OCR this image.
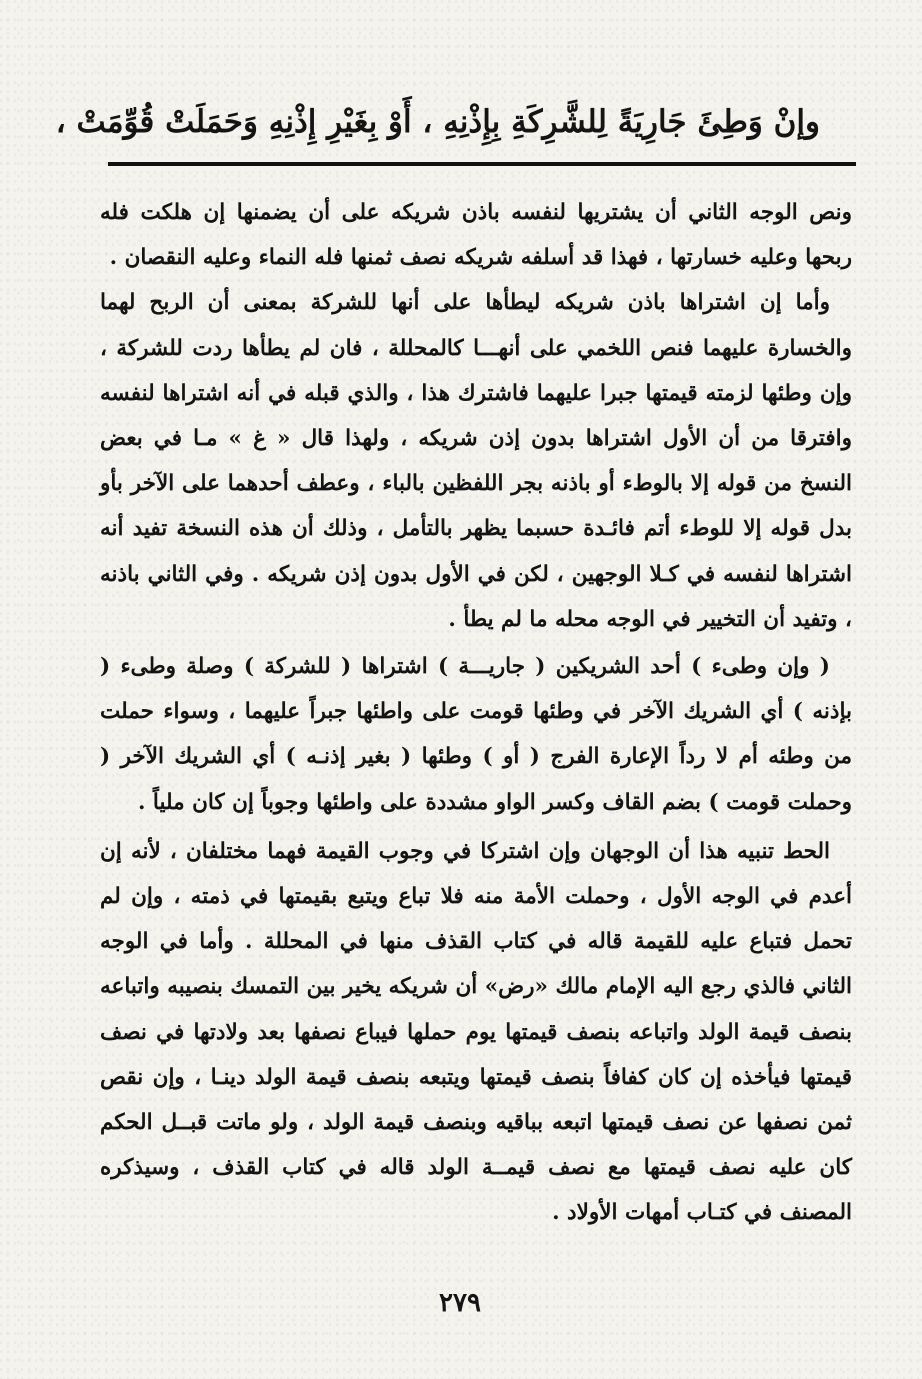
وإنْ وَطِئَ جَارِيَةً لِلشَّرِكَةِ بِإِذْنِهِ ، أَوْ بِغَيْرِ إِذْنِهِ وَحَمَلَتْ قُوِّمَتْ ،

ونص الوجه الثاني أن يشتريها لنفسه باذن شريكه على أن يضمنها إن هلكت فله ربحها وعليه خسارتها ، فهذا قد أسلفه شريكه نصف ثمنها فله النماء وعليه النقصان .

وأما إن اشتراها باذن شريكه ليطأها على أنها للشركة بمعنى أن الربح لهما والخسارة عليهما فنص اللخمي على أنهـــا كالمحللة ، فان لم يطأها ردت للشركة ، وإن وطئها لزمته قيمتها جبرا عليهما فاشترك هذا ، والذي قبله في أنه اشتراها لنفسه وافترقا من أن الأول اشتراها بدون إذن شريكه ، ولهذا قال « غ » مـا في بعض النسخ من قوله إلا بالوطء أو باذنه بجر اللفظين بالباء ، وعطف أحدهما على الآخر بأو بدل قوله إلا للوطء أتم فائـدة حسبما يظهر بالتأمل ، وذلك أن هذه النسخة تفيد أنه اشتراها لنفسه في كـلا الوجهين ، لكن في الأول بدون إذن شريكه . وفي الثاني باذنه ، وتفيد أن التخيير في الوجه محله ما لم يطأ .

( وإن وطىء ) أحد الشريكين ( جاريـــة ) اشتراها ( للشركة ) وصلة وطىء ( بإذنه ) أي الشريك الآخر في وطئها قومت على واطئها جبراً عليهما ، وسواء حملت من وطئه أم لا رداً الإعارة الفرج ( أو ) وطئها ( بغير إذنـه ) أي الشريك الآخر ( وحملت قومت ) بضم القاف وكسر الواو مشددة على واطئها وجوباً إن كان ملياً .

الحط تنبيه هذا أن الوجهان وإن اشتركا في وجوب القيمة فهما مختلفان ، لأنه إن أعدم في الوجه الأول ، وحملت الأمة منه فلا تباع ويتبع بقيمتها في ذمته ، وإن لم تحمل فتباع عليه للقيمة قاله في كتاب القذف منها في المحللة . وأما في الوجه الثاني فالذي رجع اليه الإمام مالك «رض» أن شريكه يخير بين التمسك بنصيبه واتباعه بنصف قيمة الولد واتباعه بنصف قيمتها يوم حملها فيباع نصفها بعد ولادتها في نصف قيمتها فيأخذه إن كان كفافاً بنصف قيمتها ويتبعه بنصف قيمة الولد دينـا ، وإن نقص ثمن نصفها عن نصف قيمتها اتبعه بباقيه وبنصف قيمة الولد ، ولو ماتت قبــل الحكم كان عليه نصف قيمتها مع نصف قيمــة الولد قاله في كتاب القذف ، وسيذكره المصنف في كتـاب أمهات الأولاد .

٢٧٩
